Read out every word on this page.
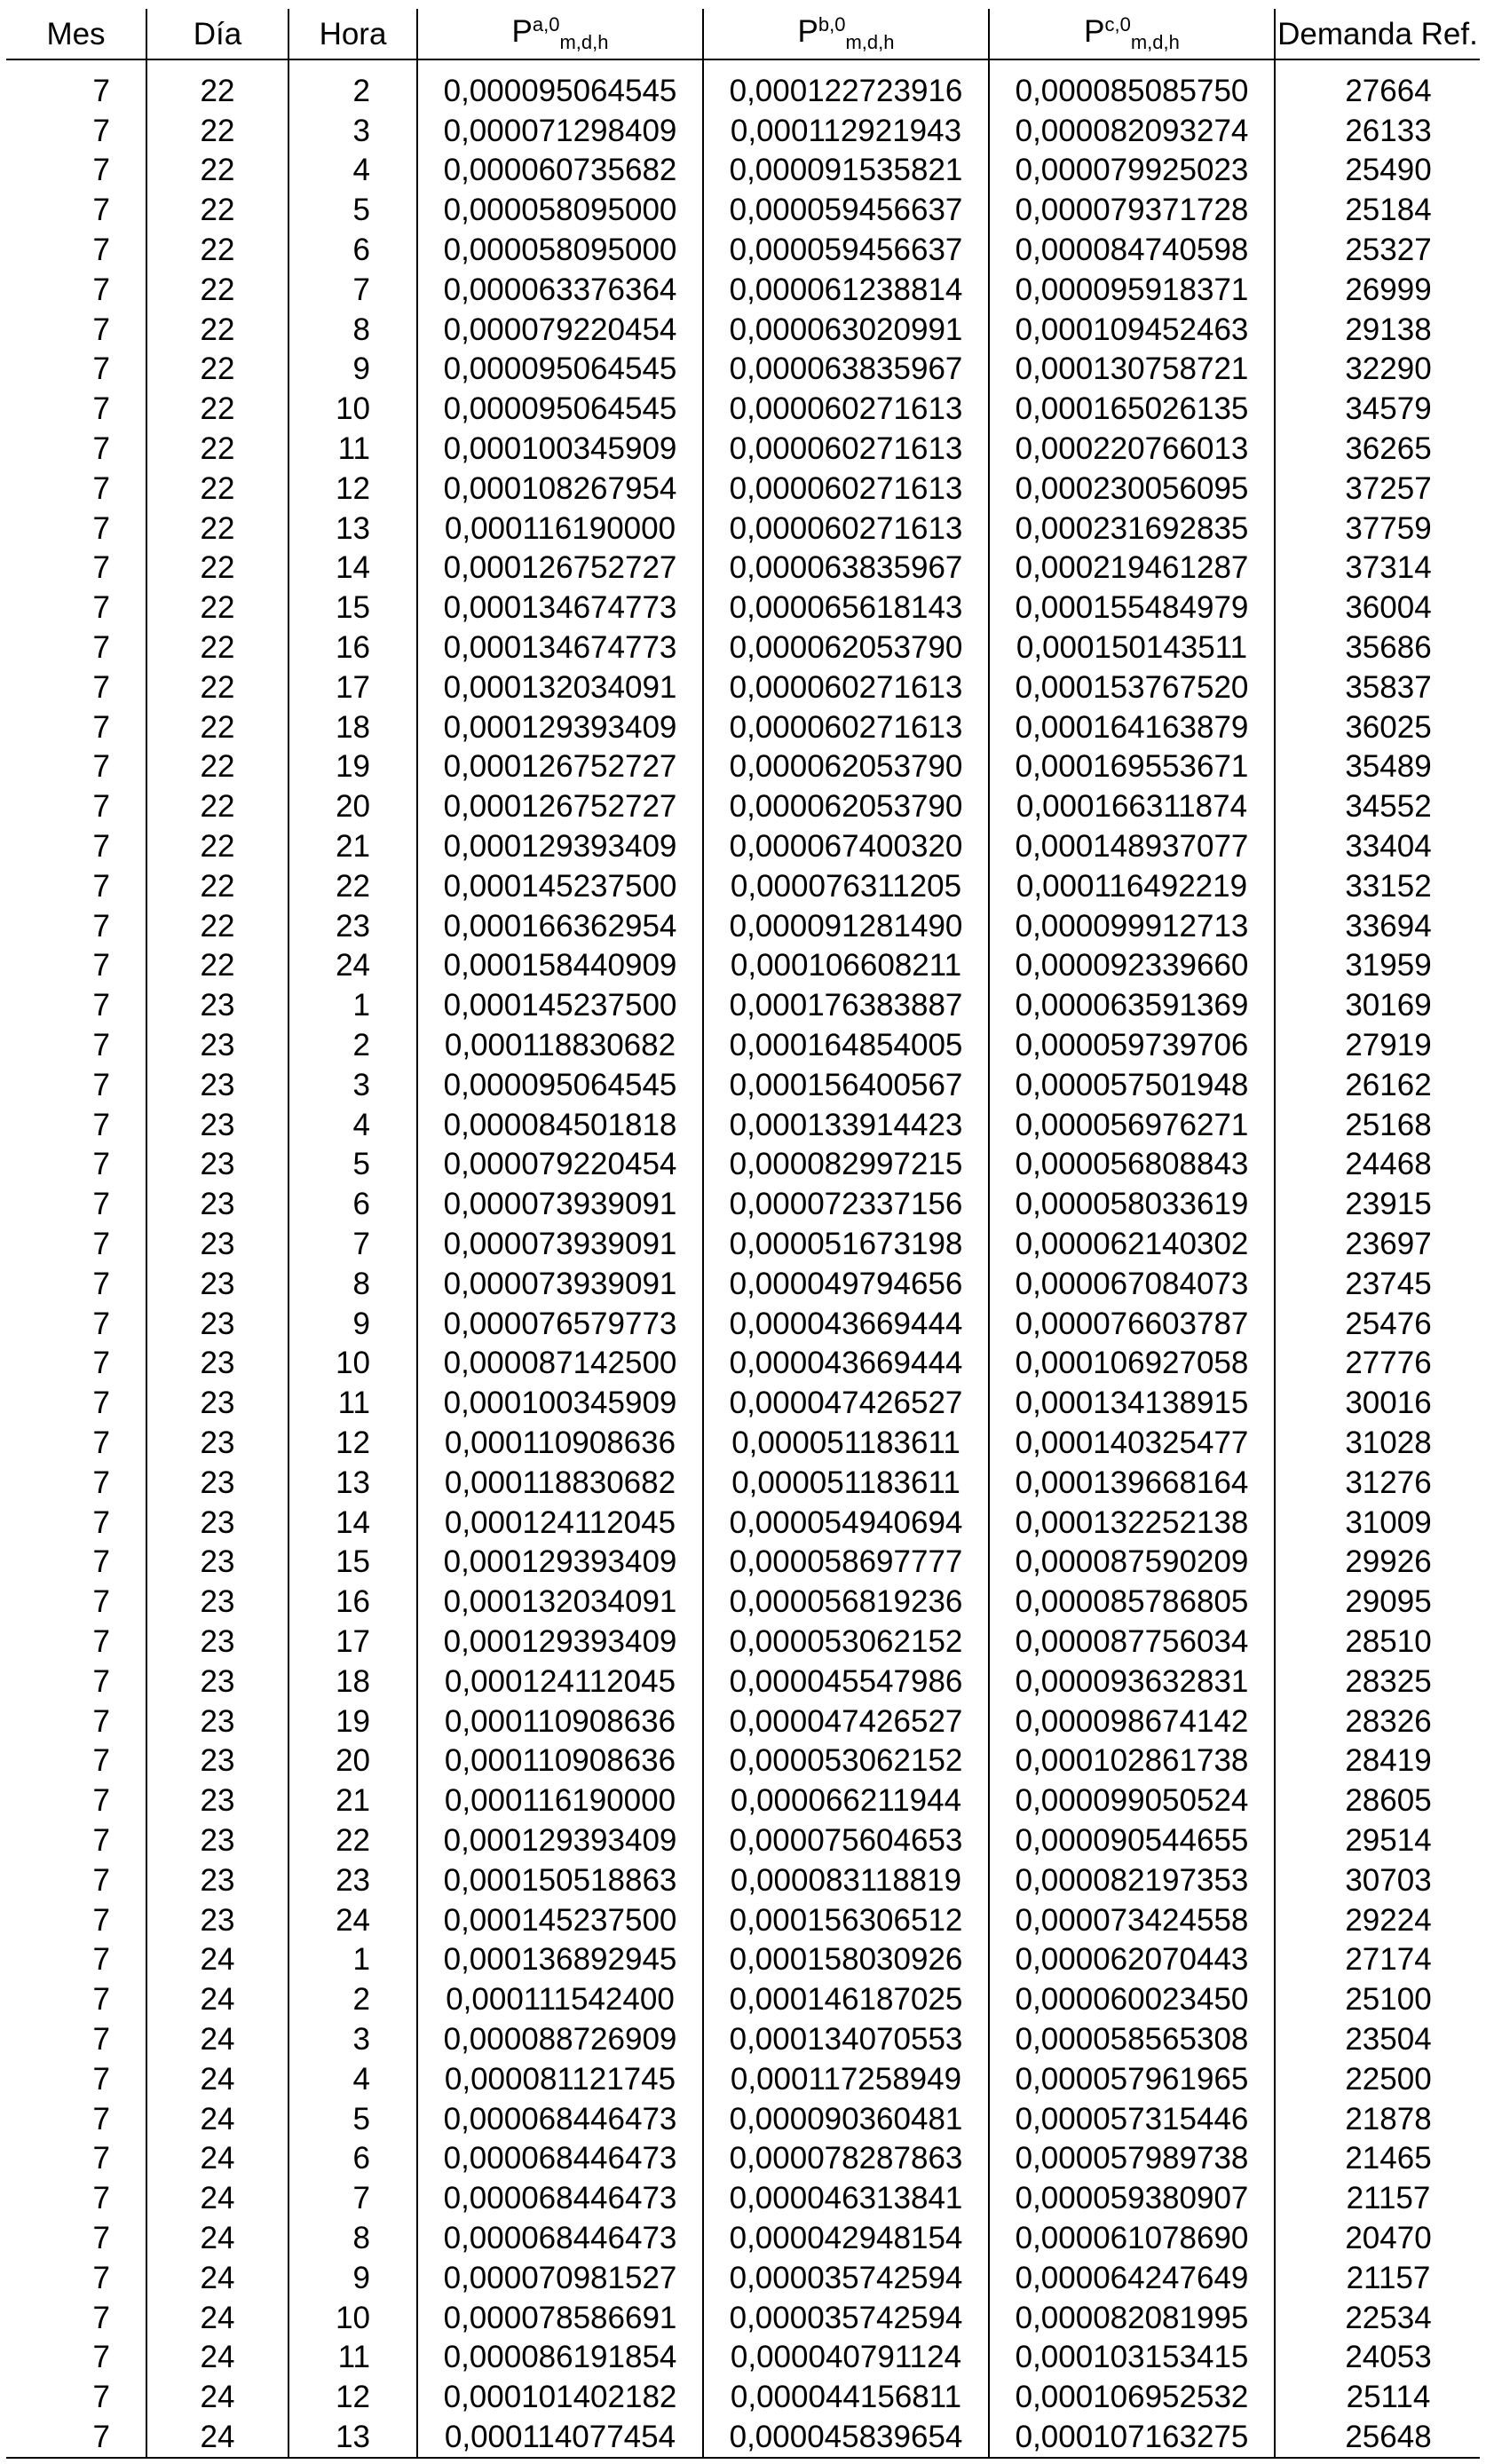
Mes	Día	Hora	P$^{a,0}_{m,d,h}$	P$^{b,0}_{m,d,h}$	P$^{c,0}_{m,d,h}$	Demanda Ref.
7	22	2	0,000095064545	0,000122723916	0,000085085750	27664
7	22	3	0,000071298409	0,000112921943	0,000082093274	26133
7	22	4	0,000060735682	0,000091535821	0,000079925023	25490
7	22	5	0,000058095000	0,000059456637	0,000079371728	25184
7	22	6	0,000058095000	0,000059456637	0,000084740598	25327
7	22	7	0,000063376364	0,000061238814	0,000095918371	26999
7	22	8	0,000079220454	0,000063020991	0,000109452463	29138
7	22	9	0,000095064545	0,000063835967	0,000130758721	32290
7	22	10	0,000095064545	0,000060271613	0,000165026135	34579
7	22	11	0,000100345909	0,000060271613	0,000220766013	36265
7	22	12	0,000108267954	0,000060271613	0,000230056095	37257
7	22	13	0,000116190000	0,000060271613	0,000231692835	37759
7	22	14	0,000126752727	0,000063835967	0,000219461287	37314
7	22	15	0,000134674773	0,000065618143	0,000155484979	36004
7	22	16	0,000134674773	0,000062053790	0,000150143511	35686
7	22	17	0,000132034091	0,000060271613	0,000153767520	35837
7	22	18	0,000129393409	0,000060271613	0,000164163879	36025
7	22	19	0,000126752727	0,000062053790	0,000169553671	35489
7	22	20	0,000126752727	0,000062053790	0,000166311874	34552
7	22	21	0,000129393409	0,000067400320	0,000148937077	33404
7	22	22	0,000145237500	0,000076311205	0,000116492219	33152
7	22	23	0,000166362954	0,000091281490	0,000099912713	33694
7	22	24	0,000158440909	0,000106608211	0,000092339660	31959
7	23	1	0,000145237500	0,000176383887	0,000063591369	30169
7	23	2	0,000118830682	0,000164854005	0,000059739706	27919
7	23	3	0,000095064545	0,000156400567	0,000057501948	26162
7	23	4	0,000084501818	0,000133914423	0,000056976271	25168
7	23	5	0,000079220454	0,000082997215	0,000056808843	24468
7	23	6	0,000073939091	0,000072337156	0,000058033619	23915
7	23	7	0,000073939091	0,000051673198	0,000062140302	23697
7	23	8	0,000073939091	0,000049794656	0,000067084073	23745
7	23	9	0,000076579773	0,000043669444	0,000076603787	25476
7	23	10	0,000087142500	0,000043669444	0,000106927058	27776
7	23	11	0,000100345909	0,000047426527	0,000134138915	30016
7	23	12	0,000110908636	0,000051183611	0,000140325477	31028
7	23	13	0,000118830682	0,000051183611	0,000139668164	31276
7	23	14	0,000124112045	0,000054940694	0,000132252138	31009
7	23	15	0,000129393409	0,000058697777	0,000087590209	29926
7	23	16	0,000132034091	0,000056819236	0,000085786805	29095
7	23	17	0,000129393409	0,000053062152	0,000087756034	28510
7	23	18	0,000124112045	0,000045547986	0,000093632831	28325
7	23	19	0,000110908636	0,000047426527	0,000098674142	28326
7	23	20	0,000110908636	0,000053062152	0,000102861738	28419
7	23	21	0,000116190000	0,000066211944	0,000099050524	28605
7	23	22	0,000129393409	0,000075604653	0,000090544655	29514
7	23	23	0,000150518863	0,000083118819	0,000082197353	30703
7	23	24	0,000145237500	0,000156306512	0,000073424558	29224
7	24	1	0,000136892945	0,000158030926	0,000062070443	27174
7	24	2	0,000111542400	0,000146187025	0,000060023450	25100
7	24	3	0,000088726909	0,000134070553	0,000058565308	23504
7	24	4	0,000081121745	0,000117258949	0,000057961965	22500
7	24	5	0,000068446473	0,000090360481	0,000057315446	21878
7	24	6	0,000068446473	0,000078287863	0,000057989738	21465
7	24	7	0,000068446473	0,000046313841	0,000059380907	21157
7	24	8	0,000068446473	0,000042948154	0,000061078690	20470
7	24	9	0,000070981527	0,000035742594	0,000064247649	21157
7	24	10	0,000078586691	0,000035742594	0,000082081995	22534
7	24	11	0,000086191854	0,000040791124	0,000103153415	24053
7	24	12	0,000101402182	0,000044156811	0,000106952532	25114
7	24	13	0,000114077454	0,000045839654	0,000107163275	25648
